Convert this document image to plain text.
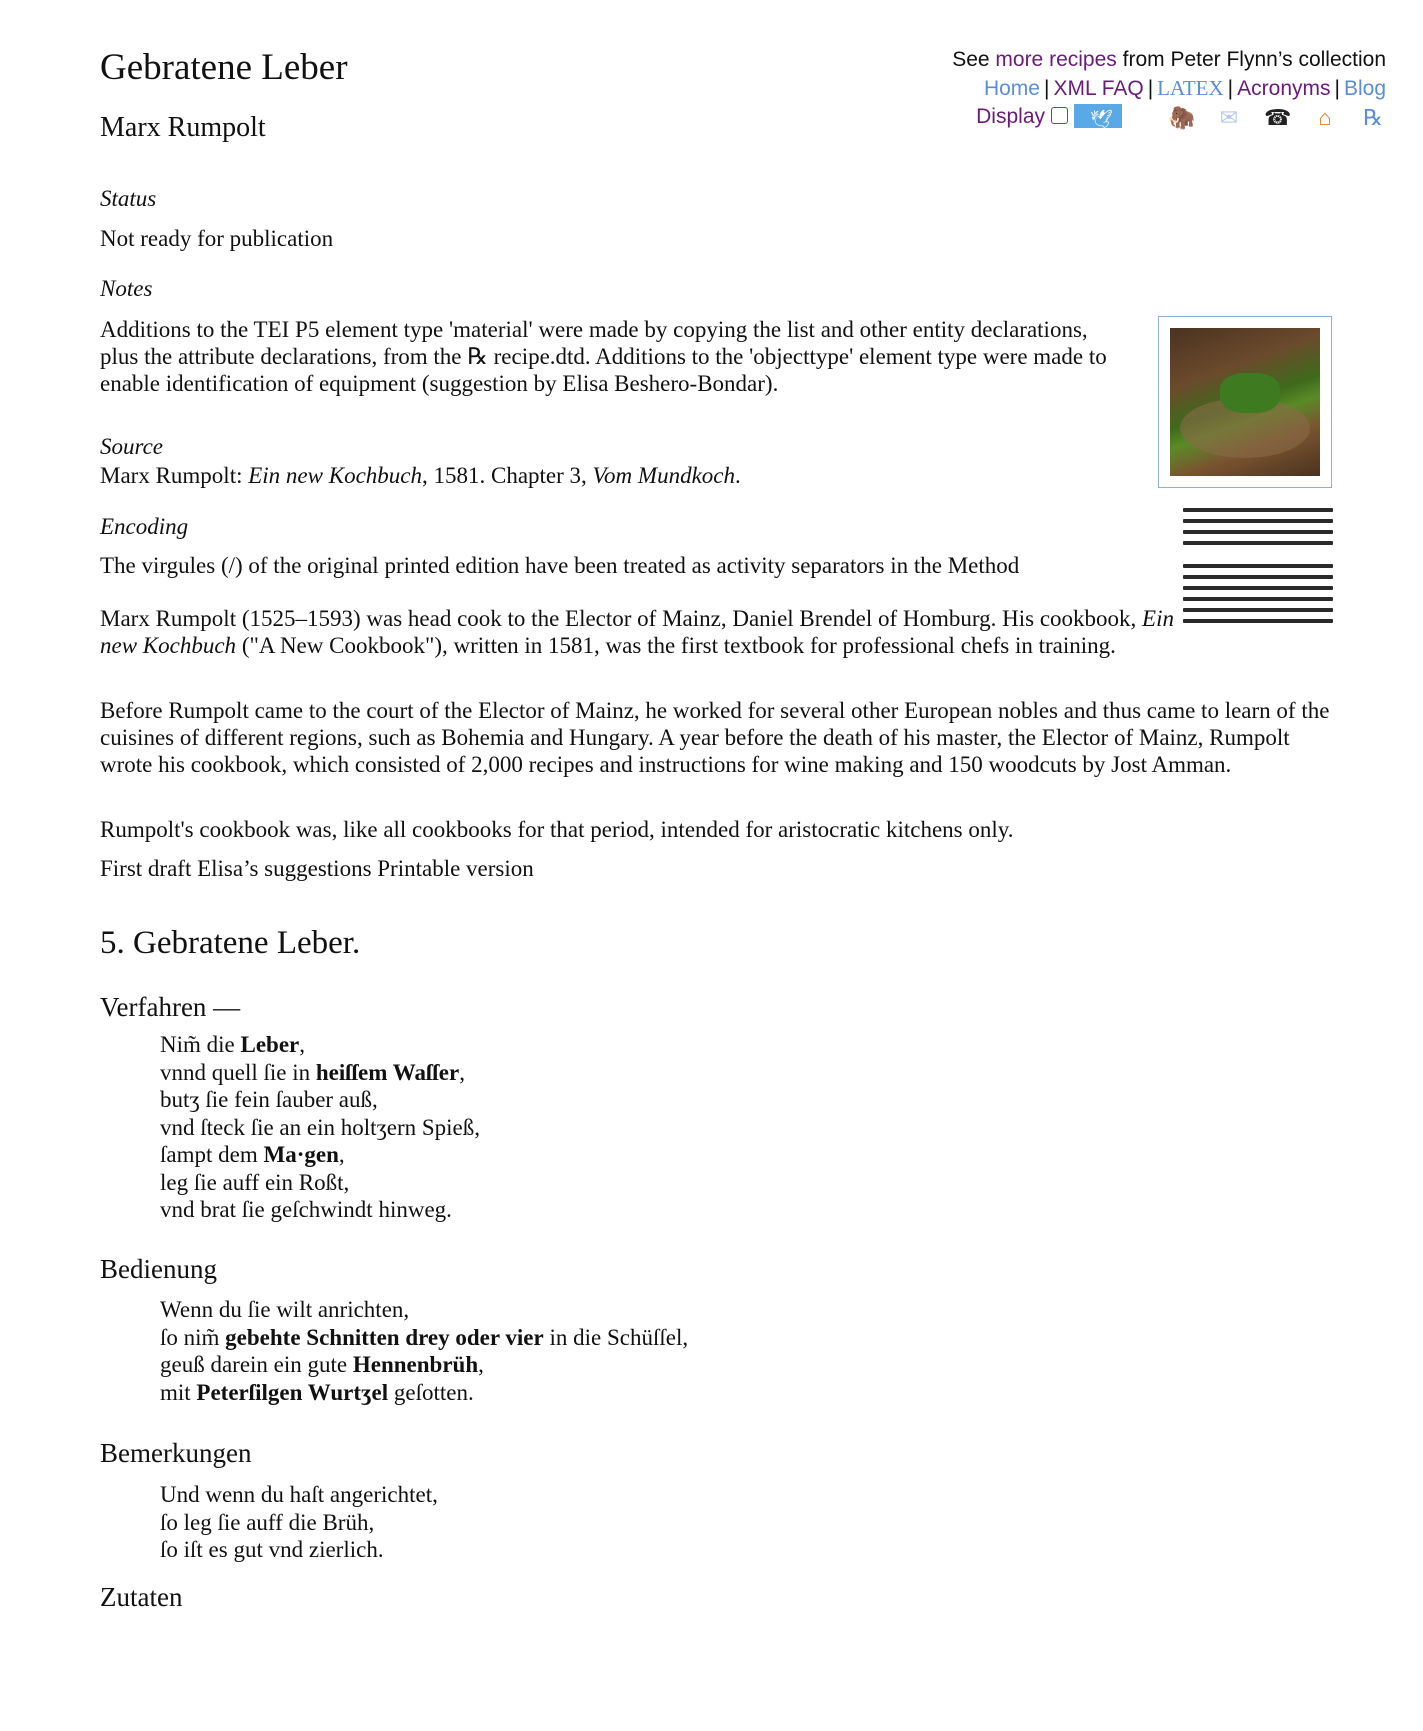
Gebratene Leber
Marx Rumpolt
See more recipes from Peter Flynn’s collection
Home | XML FAQ | LATEX | Acronyms | Blog
Display	🕊	🦣 ✉ ☎ ⌂ ℞
Status
Not ready for publication
Notes
Additions to the TEI P5 element type 'material' were made by copying the list and other entity declarations, plus the attribute declarations, from the ℞ recipe.dtd. Additions to the 'objecttype' element type were made to enable identification of equipment (suggestion by Elisa Beshero-Bondar).
Source
Marx Rumpolt: Ein new Kochbuch, 1581. Chapter 3, Vom Mundkoch.
Encoding
The virgules (/) of the original printed edition have been treated as activity separators in the Method
Marx Rumpolt (1525–1593) was head cook to the Elector of Mainz, Daniel Brendel of Homburg. His cookbook, Ein new Kochbuch ("A New Cookbook"), written in 1581, was the first textbook for professional chefs in training.
Before Rumpolt came to the court of the Elector of Mainz, he worked for several other European nobles and thus came to learn of the cuisines of different regions, such as Bohemia and Hungary. A year before the death of his master, the Elector of Mainz, Rumpolt wrote his cookbook, which consisted of 2,000 recipes and instructions for wine making and 150 woodcuts by Jost Amman.
Rumpolt's cookbook was, like all cookbooks for that period, intended for aristocratic kitchens only.
First draft Elisa’s suggestions Printable version
5. Gebratene Leber.
Verfahren —
Nim̃ die Leber,
vnnd quell ſie in heiſſem Waſſer,
butʒ ſie fein ſauber auß,
vnd ſteck ſie an ein holtʒern Spieß,
ſampt dem Ma·gen,
leg ſie auff ein Roßt,
vnd brat ſie geſchwindt hinweg.
Bedienung
Wenn du ſie wilt anrichten,
ſo nim̃ gebehte Schnitten drey oder vier in die Schüſſel,
geuß darein ein gute Hennenbrüh,
mit Peterſilgen Wurtʒel geſotten.
Bemerkungen
Und wenn du haſt angerichtet,
ſo leg ſie auff die Brüh,
ſo iſt es gut vnd zierlich.
Zutaten
